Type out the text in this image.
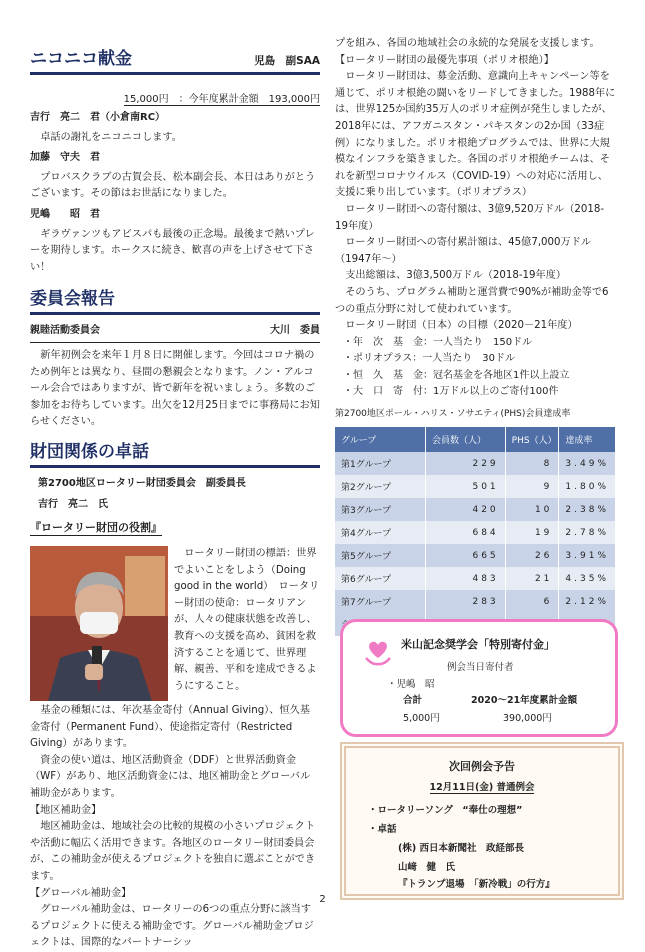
ニコニコ献金	児島　副SAA
15,000円　：今年度累計金額　193,000円

吉行　亮二　君（小倉南RC）

卓話の謝礼をニコニコします。

加藤　守夫　君

プロバスクラブの古賀会長、松本副会長、本日はありがとうございます。その節はお世話になりました。

児嶋　　昭　君

ギラヴァンツもアビスパも最後の正念場。最後まで熱いプレーを期待します。ホークスに続き、歓喜の声を上げさせて下さい！

委員会報告
親睦活動委員会	大川　委員

新年初例会を来年１月８日に開催します。今回はコロナ禍のため例年とは異なり、昼間の懇親会となります。ノン・アルコール会合ではありますが、皆で新年を祝いましょう。多数のご参加をお待ちしています。出欠を12月25日までに事務局にお知らせください。

財団関係の卓話

第2700地区ロータリー財団委員会　副委員長

吉行　亮二　氏

『ロータリー財団の役割』

ロータリー財団の標語：世界でよいことをしよう（Doing good in the world）　ロータリー財団の使命：ロータリアンが、人々の健康状態を改善し、教育への支援を高め、貧困を救済することを通じて、世界理解、親善、平和を達成できるようにすること。

基金の種類には、年次基金寄付（Annual Giving）、恒久基金寄付（Permanent Fund）、使途指定寄付（Restricted Giving）があります。

資金の使い道は、地区活動資金（DDF）と世界活動資金（WF）があり、地区活動資金には、地区補助金とグローバル補助金があります。

【地区補助金】

地区補助金は、地域社会の比較的規模の小さいプロジェクトや活動に幅広く活用できます。各地区のロータリー財団委員会が、この補助金が使えるプロジェクトを独自に選ぶことができます。

【グローバル補助金】

グローバル補助金は、ロータリーの6つの重点分野に該当するプロジェクトに使える補助金です。グローバル補助金プロジェクトは、国際的なパートナーシッ

プを組み、各国の地域社会の永続的な発展を支援します。

【ロータリー財団の最優先事項（ポリオ根絶）】

ロータリー財団は、募金活動、意識向上キャンペーン等を通じて、ポリオ根絶の闘いをリードしてきました。1988年には、世界125か国約35万人のポリオ症例が発生しましたが、2018年には、アフガニスタン・パキスタンの2か国（33症例）になりました。ポリオ根絶プログラムでは、世界に大規模なインフラを築きました。各国のポリオ根絶チームは、それを新型コロナウイルス（COVID-19）への対応に活用し、支援に乗り出しています。（ポリオプラス）

ロータリー財団への寄付額は、3億9,520万ドル（2018-19年度）

ロータリー財団への寄付累計額は、45億7,000万ドル（1947年～）

支出総額は、3億3,500万ドル（2018-19年度）

そのうち、プログラム補助と運営費で90%が補助金等で6つの重点分野に対して使われています。

ロータリー財団（日本）の目標（2020－21年度）

・年　次　基　金：一人当たり　150ドル

・ポリオプラス：一人当たり　30ドル

・恒　久　基　金：冠名基金を各地区1件以上設立

・大　口　寄　付：1万ドル以上のご寄付100件

第2700地区ポール・ハリス・ソサエティ(PHS)会員達成率

グループ	会員数（人）	PHS（人）	達成率
第1グループ	229	8	3.49%
第2グループ	501	9	1.80%
第3グループ	420	10	2.38%
第4グループ	684	19	2.78%
第5グループ	665	26	3.91%
第6グループ	483	21	4.35%
第7グループ	283	6	2.12%

米山記念奨学会「特別寄付金」

例会当日寄付者

・児嶋　昭

合計	2020～21年度累計金額

5,000円	390,000円

次回例会予告

12月11日(金) 普通例会

・ロータリーソング　“奉仕の理想”

・卓話

(株) 西日本新聞社　政経部長

山﨑　健　氏

『トランプ退場　「新冷戦」の行方』

2
